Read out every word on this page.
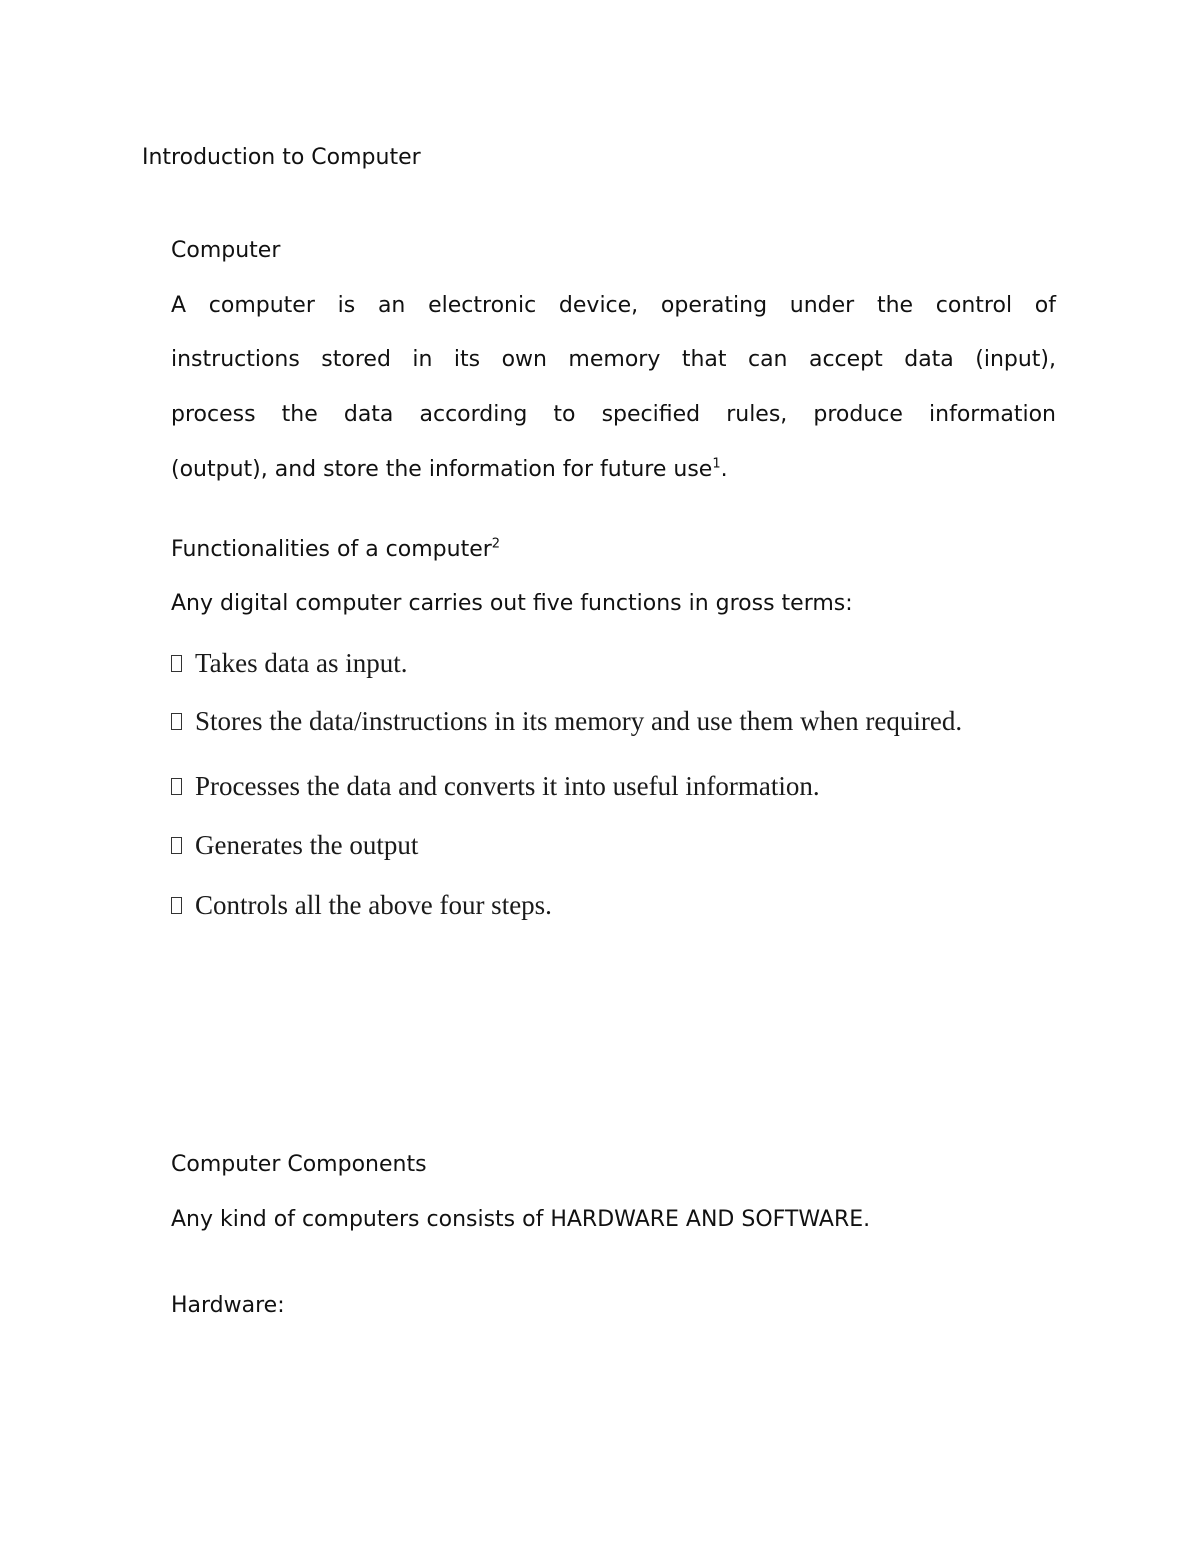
Introduction to Computer
Computer
A computer is an electronic device, operating under the control of
instructions stored in its own memory that can accept data (input),
process the data according to specified rules, produce information
(output), and store the information for future use$^1$.
Functionalities of a computer$^2$
Any digital computer carries out five functions in gross terms:
Takes data as input.
Stores the data/instructions in its memory and use them when required.
Processes the data and converts it into useful information.
Generates the output
Controls all the above four steps.
Computer Components
Any kind of computers consists of HARDWARE AND SOFTWARE.
Hardware:
